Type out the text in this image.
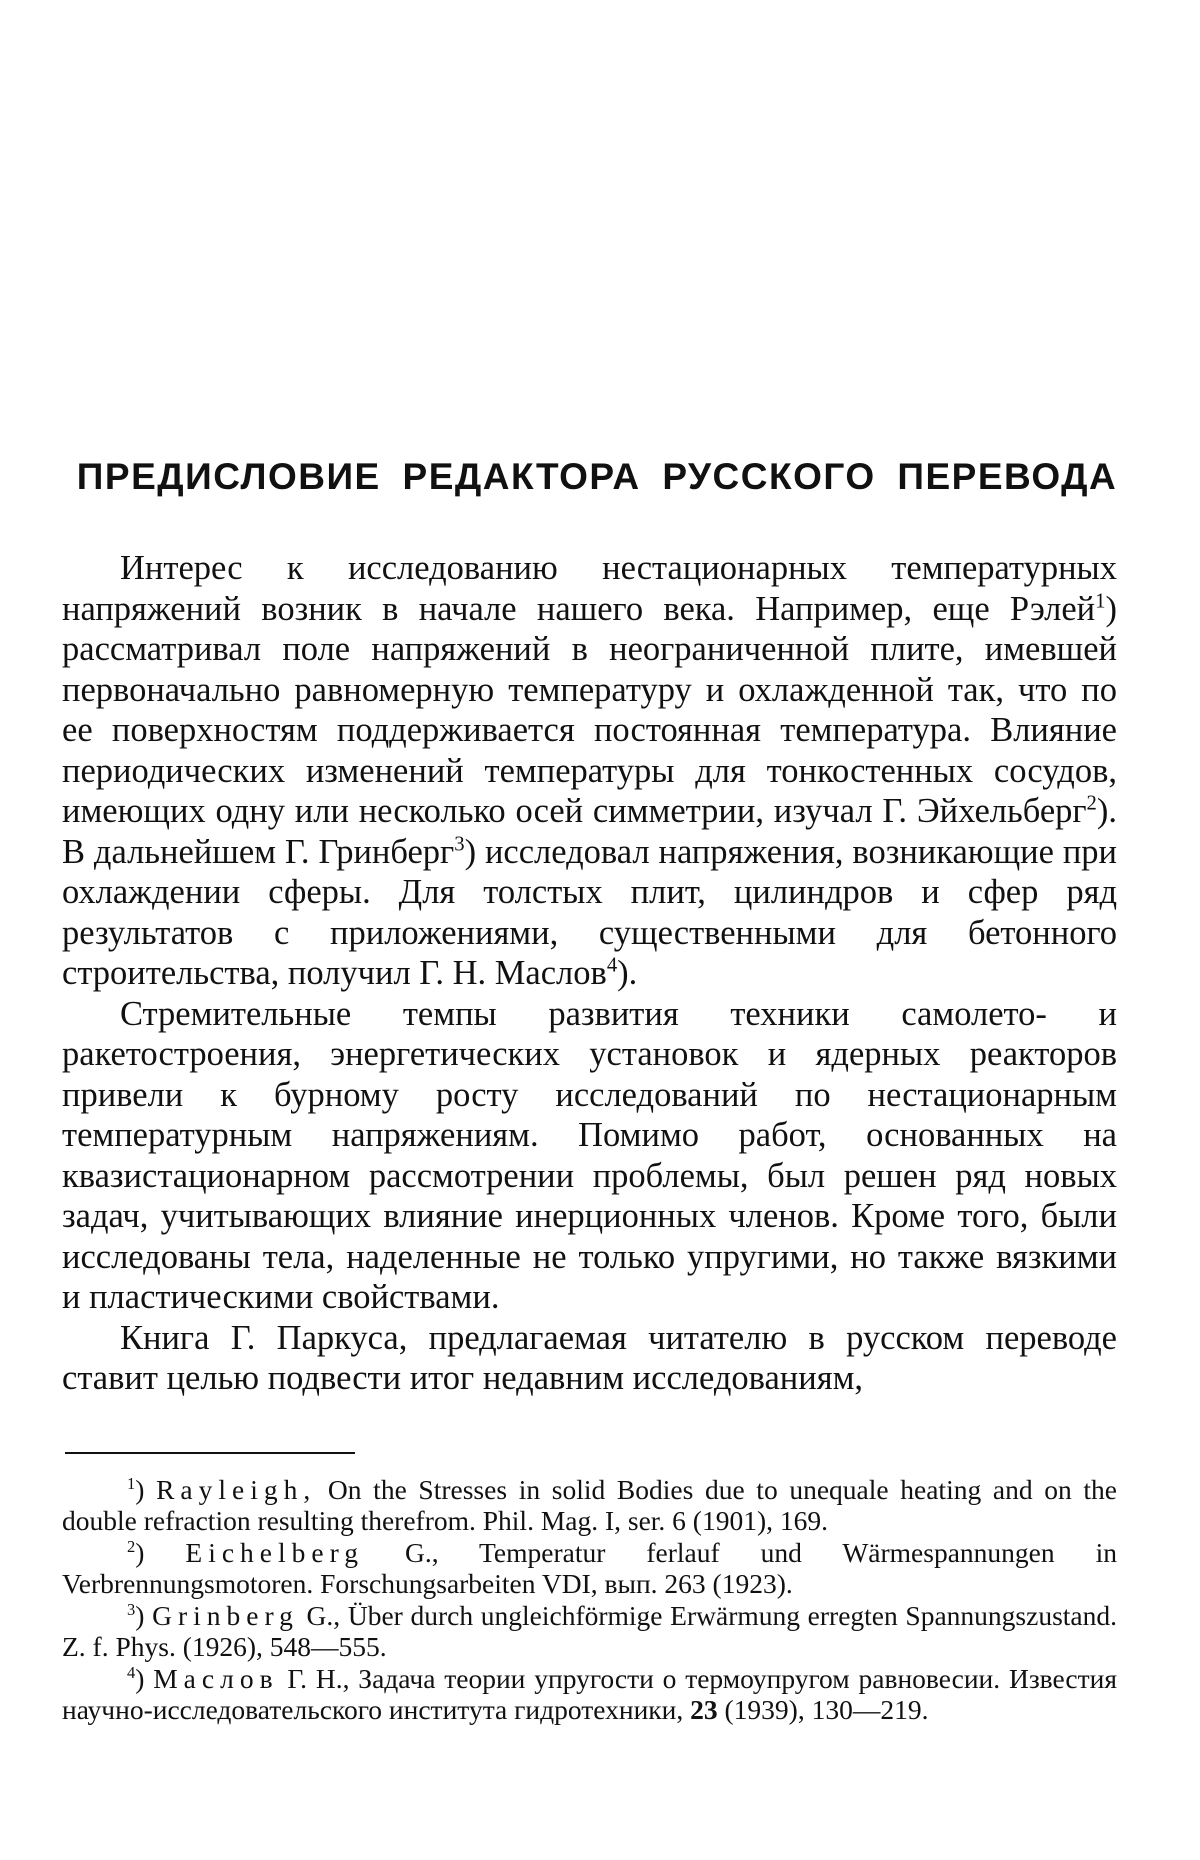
ПРЕДИСЛОВИЕ РЕДАКТОРА РУССКОГО ПЕРЕВОДА

Интерес к исследованию нестационарных температурных напряжений возник в начале нашего века. Например, еще Рэлей$^1$) рассматривал поле напряжений в неограниченной плите, имевшей первоначально равномерную температуру и охлажденной так, что по ее поверхностям поддерживается постоянная температура. Влияние периодических изменений температуры для тонкостенных сосудов, имеющих одну или несколько осей симметрии, изучал Г. Эйхельберг$^2$). В дальнейшем Г. Гринберг$^3$) исследовал напряжения, возникающие при охлаждении сферы. Для толстых плит, цилиндров и сфер ряд результатов с приложениями, существенными для бетонного строительства, получил Г. Н. Маслов$^4$).

Стремительные темпы развития техники самолето- и ракетостроения, энергетических установок и ядерных реакторов привели к бурному росту исследований по нестационарным температурным напряжениям. Помимо работ, основанных на квазистационарном рассмотрении проблемы, был решен ряд новых задач, учитывающих влияние инерционных членов. Кроме того, были исследованы тела, наделенные не только упругими, но также вязкими и пластическими свойствами.

Книга Г. Паркуса, предлагаемая читателю в русском переводе ставит целью подвести итог недавним исследованиям,

$^1$) Rayleigh, On the Stresses in solid Bodies due to unequale heating and on the double refraction resulting therefrom. Phil. Mag. I, ser. 6 (1901), 169.

$^2$) Eichelberg G., Temperatur ferlauf und Wärmespannungen in Verbrennungsmotoren. Forschungsarbeiten VDI, вып. 263 (1923).

$^3$) Grinberg G., Über durch ungleichförmige Erwärmung erregten Spannungszustand. Z. f. Phys. (1926), 548—555.

$^4$) Маслов Г. Н., Задача теории упругости о термоупругом равновесии. Известия научно-исследовательского института гидротехники, 23 (1939), 130—219.
